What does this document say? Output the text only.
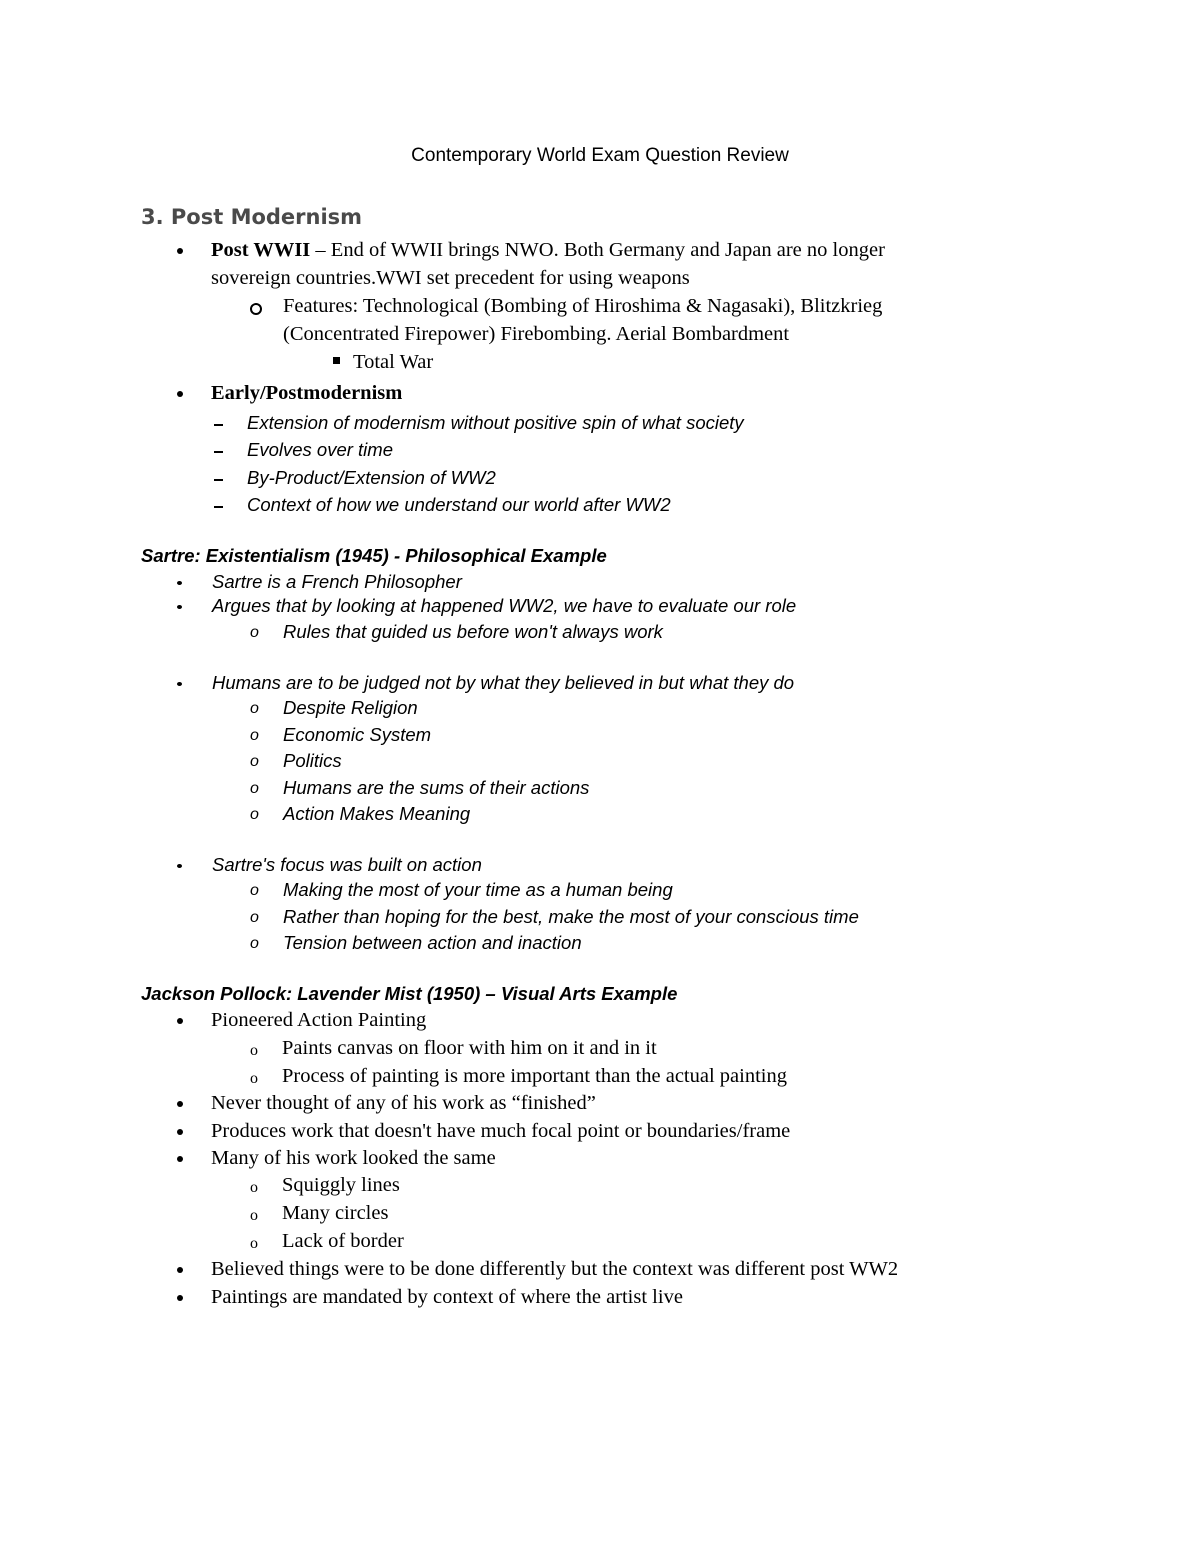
Contemporary World Exam Question Review
3. Post Modernism
Post WWII – End of WWII brings NWO. Both Germany and Japan are no longer
sovereign countries.WWI set precedent for using weapons
Features: Technological (Bombing of Hiroshima & Nagasaki), Blitzkrieg
(Concentrated Firepower) Firebombing. Aerial Bombardment
Total War
Early/Postmodernism
Extension of modernism without positive spin of what society
Evolves over time
By-Product/Extension of WW2
Context of how we understand our world after WW2
Sartre: Existentialism (1945) - Philosophical Example
Sartre is a French Philosopher
Argues that by looking at happened WW2, we have to evaluate our role
o Rules that guided us before won't always work
Humans are to be judged not by what they believed in but what they do
o Despite Religion
o Economic System
o Politics
o Humans are the sums of their actions
o Action Makes Meaning
Sartre's focus was built on action
o Making the most of your time as a human being
o Rather than hoping for the best, make the most of your conscious time
o Tension between action and inaction
Jackson Pollock: Lavender Mist (1950) – Visual Arts Example
Pioneered Action Painting
o Paints canvas on floor with him on it and in it
o Process of painting is more important than the actual painting
Never thought of any of his work as “finished”
Produces work that doesn't have much focal point or boundaries/frame
Many of his work looked the same
o Squiggly lines
o Many circles
o Lack of border
Believed things were to be done differently but the context was different post WW2
Paintings are mandated by context of where the artist live
